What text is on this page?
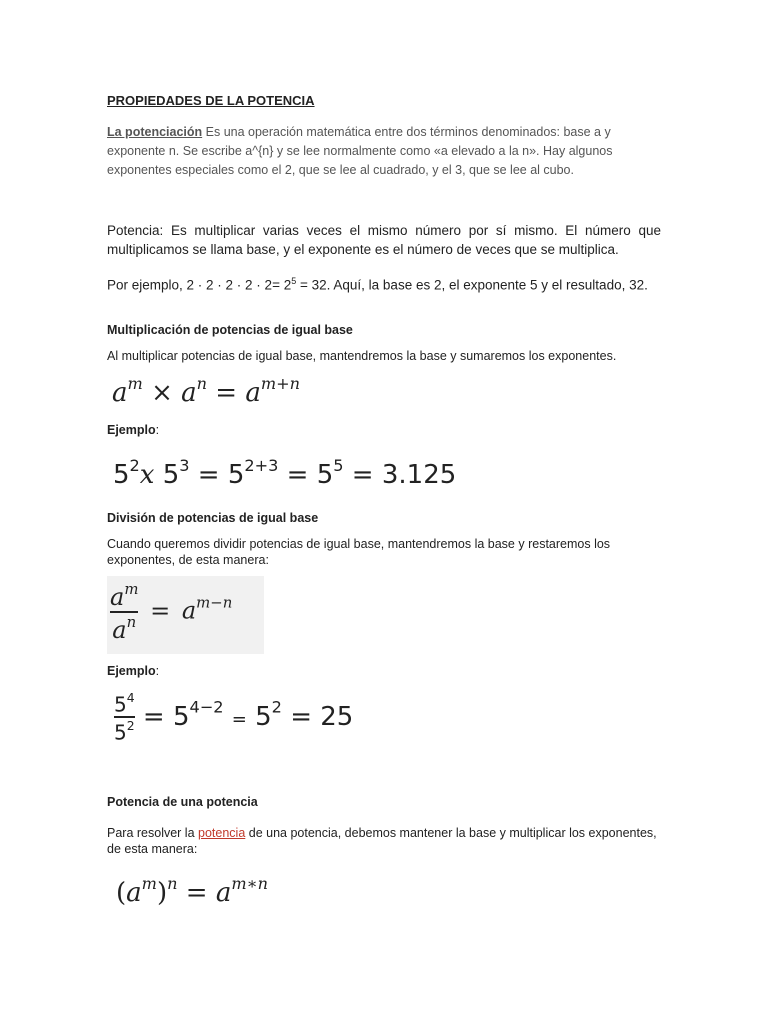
PROPIEDADES DE LA POTENCIA
La potenciación Es una operación matemática entre dos términos denominados: base a y exponente n. Se escribe a^{n} y se lee normalmente como «a elevado a la n». Hay algunos exponentes especiales como el 2, que se lee al cuadrado, y el 3, que se lee al cubo.
Potencia: Es multiplicar varias veces el mismo número por sí mismo. El número que multiplicamos se llama base, y el exponente es el número de veces que se multiplica.
Por ejemplo, $2 \cdot 2 \cdot 2 \cdot 2 \cdot 2= 2^5 = 32$. Aquí, la base es 2, el exponente 5 y el resultado, 32.
Multiplicación de potencias de igual base
Al multiplicar potencias de igual base, mantendremos la base y sumaremos los exponentes.
$a^m \times a^n = a^{m+n}$
Ejemplo:
$5^2x$ $5^3 = 5^{2+3} = 5^5 = 3.125$
División de potencias de igual base
Cuando queremos dividir potencias de igual base, mantendremos la base y restaremos los exponentes, de esta manera:
$\frac{a^m}{a^n} = a^{m-n}$
Ejemplo:
$\frac{5^4}{5^2} = 5^{4-2} = 5^2 = 25$
Potencia de una potencia
Para resolver la potencia de una potencia, debemos mantener la base y multiplicar los exponentes, de esta manera:
$(a^m)^n = a^{m∗n}$
